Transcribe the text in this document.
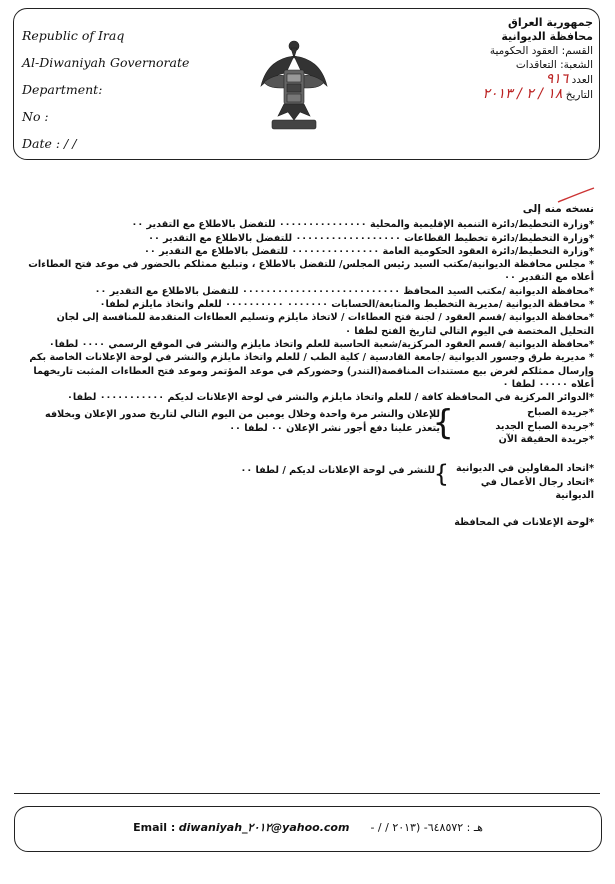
Republic of Iraq
Al-Diwaniyah Governorate
Department:
No :
Date : / /
جمهورية العراق
محافظة الديوانية
القسم: العقود الحكومية
الشعبة: التعاقدات
العدد ٩١٦
التاريخ ١٨ / ٢ / ٢٠١٣
نسخه منه إلى

*وزارة التخطيط/دائرة التنمية الإقليمية والمحلية ٠٠٠٠٠٠٠٠٠٠٠٠٠٠٠ للتفضل بالاطلاع مع التقدير ٠٠

*وزارة التخطيط/دائرة تخطيط القطاعات ٠٠٠٠٠٠٠٠٠٠٠٠٠٠٠٠٠٠ للتفضل بالاطلاع مع التقدير ٠٠

*وزارة التخطيط/دائرة العقود الحكومية العامة ٠٠٠٠٠٠٠٠٠٠٠٠٠٠٠ للتفضل بالاطلاع مع التقدير ٠٠

* مجلس محافظة الديوانية/مكتب السيد رئيس المجلس/ للتفضل بالاطلاع ، وتبليغ ممثلكم بالحضور في موعد فتح العطاءات أعلاه مع التقدير ٠٠

*محافظة الديوانية /مكتب السيد المحافظ ٠٠٠٠٠٠٠٠٠٠٠٠٠٠٠٠٠٠٠٠٠٠٠٠٠٠٠ للتفضل بالاطلاع مع التقدير ٠٠

* محافظة الديوانية /مديرية التخطيط والمتابعة/الحسابات ٠٠٠٠٠٠٠ ٠٠٠٠٠٠٠٠٠٠ للعلم واتخاذ مايلزم لطفا٠

*محافظة الديوانية /قسم العقود / لجنة فتح العطاءات / لاتخاذ مايلزم وتسليم العطاءات المتقدمة للمنافسة إلى لجان التحليل المختصة في اليوم التالي لتاريخ الفتح لطفا ٠

*محافظة الديوانية /قسم العقود المركزية/شعبة الحاسبة للعلم واتخاذ مايلزم والنشر في الموقع الرسمي ٠٠٠٠ لطفا٠

* مديرية طرق وجسور الديوانية /جامعة القادسية / كلية الطب / للعلم واتخاذ مايلزم والنشر في لوحة الإعلانات الخاصة بكم وإرسال ممثلكم لغرض بيع مستندات المناقصة(التندر) وحضوركم في موعد المؤتمر وموعد فتح العطاءات المثبت تاريخهما أعلاه ٠٠٠٠٠ لطفا ٠

*الدوائر المركزية في المحافظة كافة / للعلم واتخاذ مايلزم والنشر في لوحة الإعلانات لديكم ٠٠٠٠٠٠٠٠٠٠٠ لطفا٠

*جريدة الصباح
*جريدة الصباح الجديد
*جريدة الحقيقة الآن
}
للإعلان والنشر مرة واحدة وخلال يومين من اليوم التالي لتاريخ صدور الإعلان وبخلافه
يتعذر علينا دفع أجور نشر الإعلان ٠٠ لطفا ٠٠
*اتحاد المقاولين في الديوانية
*اتحاد رجال الأعمال في الديوانية
}
للنشر في لوحة الإعلانات لديكم / لطفا ٠٠

*لوحة الإعلانات في المحافظة

Email : diwaniyah_٢٠١٢@yahoo.com هـ : ٦٤٨٥٧٢- (٢٠١٣ / / -
